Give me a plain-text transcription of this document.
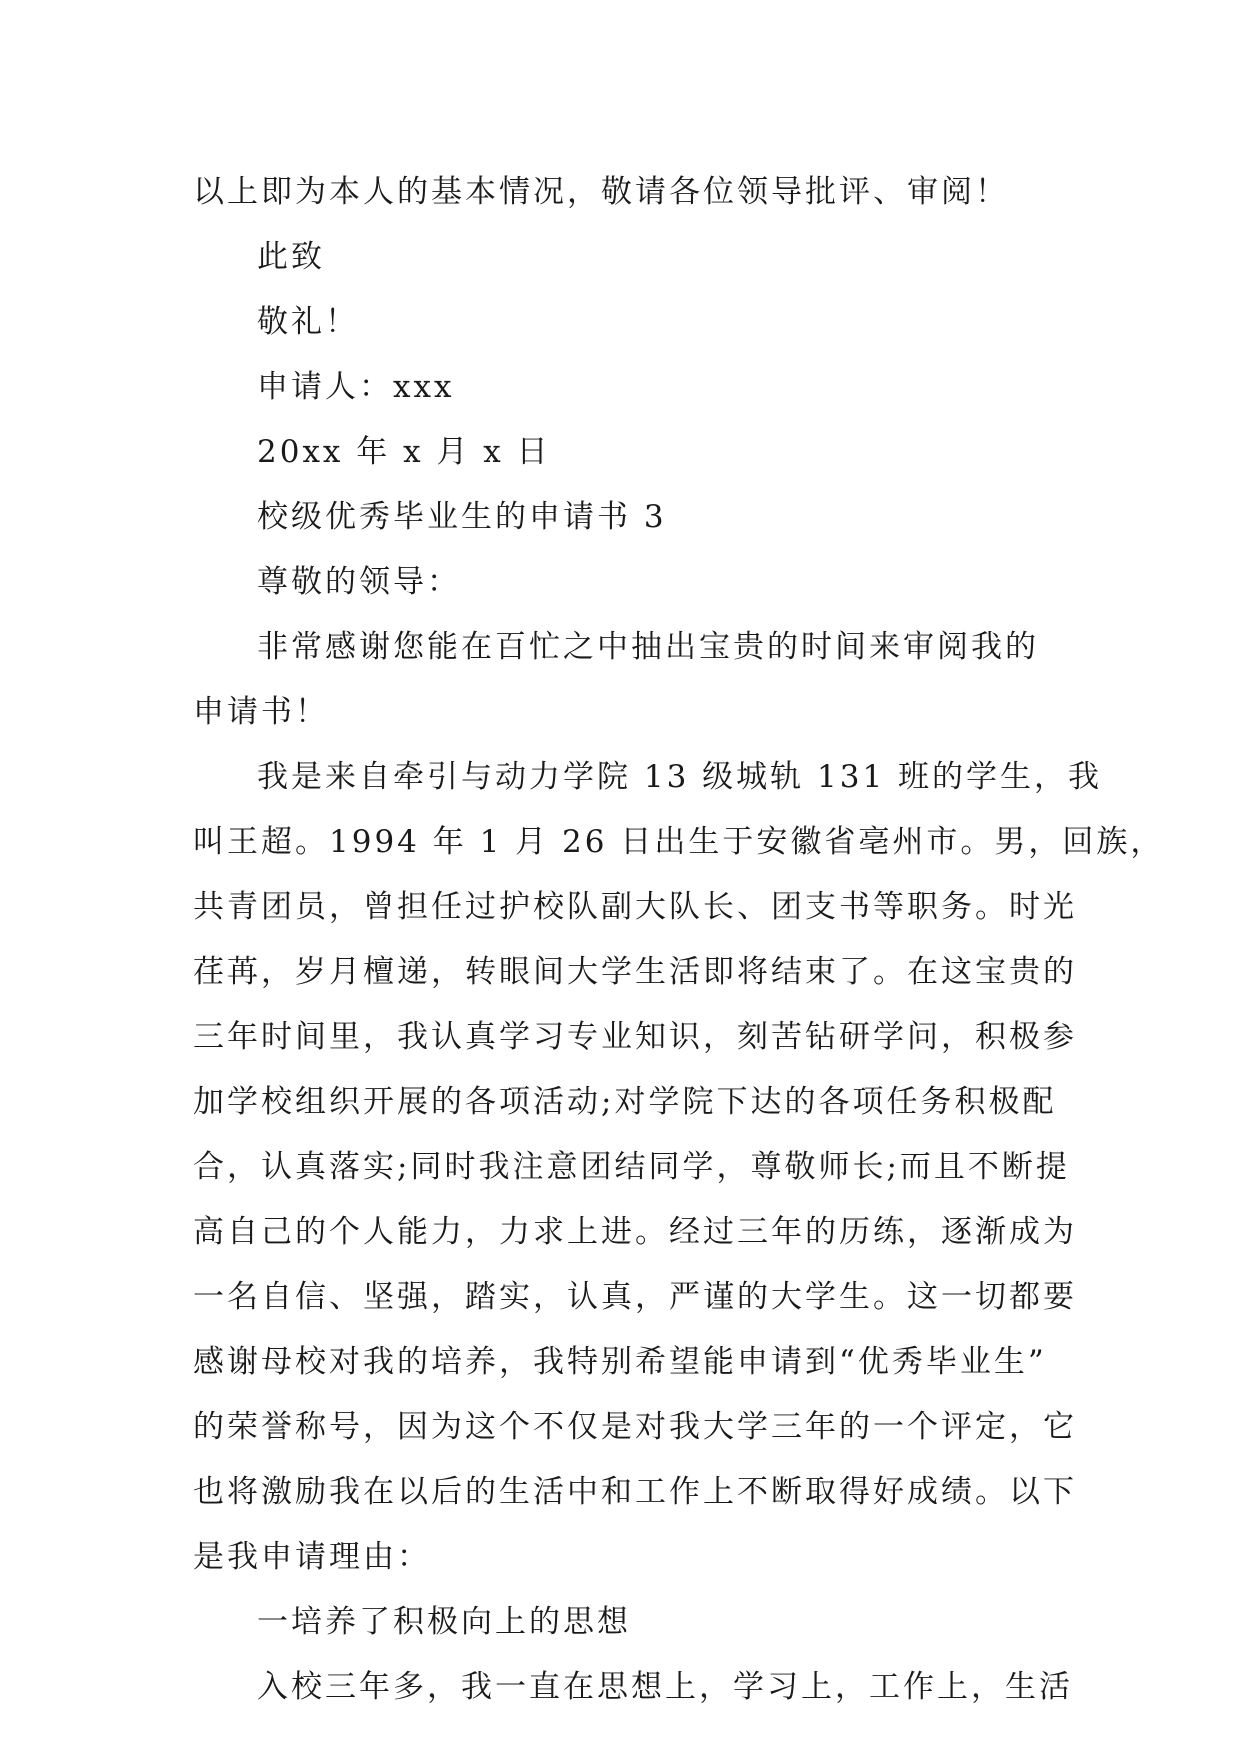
以上即为本人的基本情况，敬请各位领导批评、审阅！

此致

敬礼！

申请人：xxx

20xx 年 x 月 x 日

校级优秀毕业生的申请书 3

尊敬的领导：

非常感谢您能在百忙之中抽出宝贵的时间来审阅我的

申请书！

我是来自牵引与动力学院 13 级城轨 131 班的学生，我

叫王超。1994 年 1 月 26 日出生于安徽省亳州市。男，回族，

共青团员，曾担任过护校队副大队长、团支书等职务。时光

荏苒，岁月檀递，转眼间大学生活即将结束了。在这宝贵的

三年时间里，我认真学习专业知识，刻苦钻研学问，积极参

加学校组织开展的各项活动;对学院下达的各项任务积极配

合，认真落实;同时我注意团结同学，尊敬师长;而且不断提

高自己的个人能力，力求上进。经过三年的历练，逐渐成为

一名自信、坚强，踏实，认真，严谨的大学生。这一切都要

感谢母校对我的培养，我特别希望能申请到“优秀毕业生”

的荣誉称号，因为这个不仅是对我大学三年的一个评定，它

也将激励我在以后的生活中和工作上不断取得好成绩。以下

是我申请理由：

一培养了积极向上的思想

入校三年多，我一直在思想上，学习上，工作上，生活
